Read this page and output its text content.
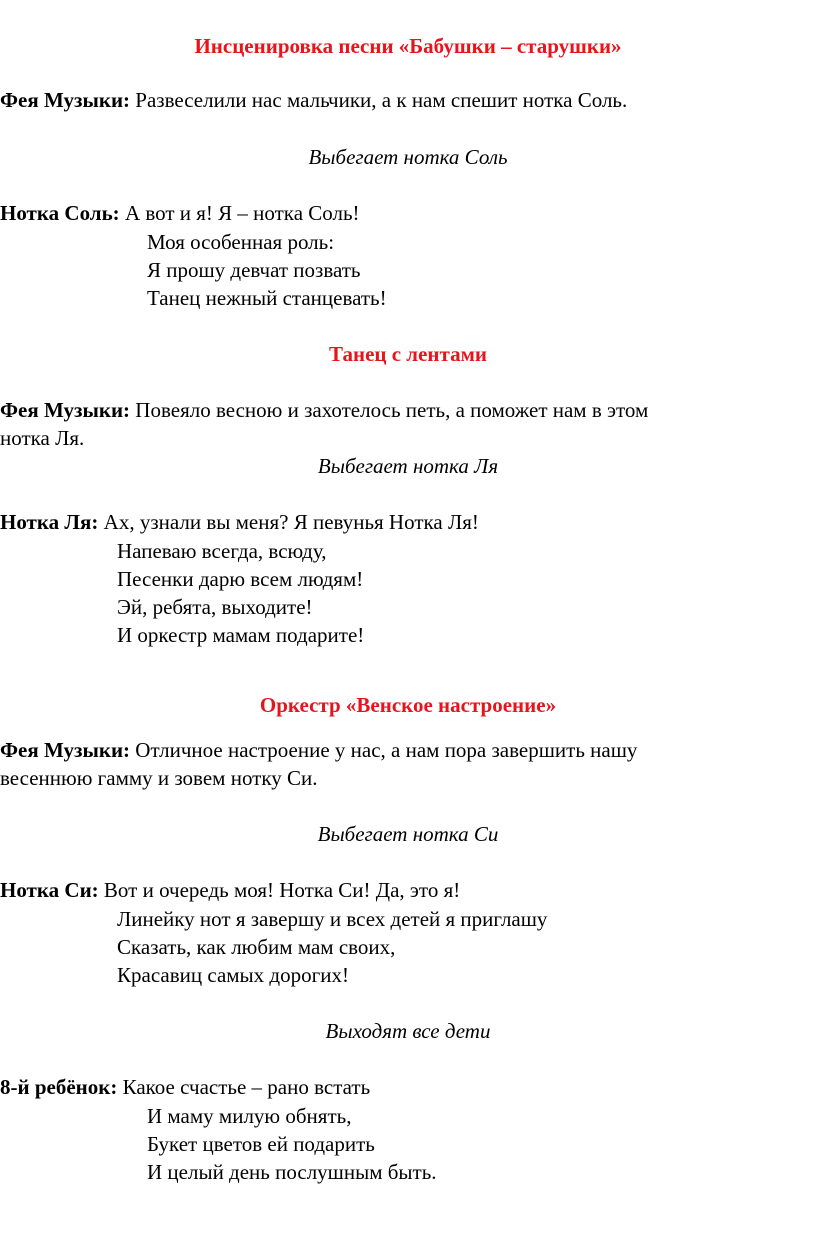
Инсценировка песни «Бабушки – старушки»
Фея Музыки: Развеселили нас мальчики, а к нам спешит нотка Соль.
Выбегает нотка Соль
Нотка Соль: А вот и я! Я – нотка Соль!
Моя особенная роль:
Я прошу девчат позвать
Танец нежный станцевать!
Танец с лентами
Фея Музыки: Повеяло весною и захотелось петь, а поможет нам в этом
нотка Ля.
Выбегает нотка Ля
Нотка Ля: Ах, узнали вы меня? Я певунья Нотка Ля!
Напеваю всегда, всюду,
Песенки дарю всем людям!
Эй, ребята, выходите!
И оркестр мамам подарите!
Оркестр «Венское настроение»
Фея Музыки: Отличное настроение у нас, а нам пора завершить нашу
весеннюю гамму и зовем нотку Си.
Выбегает нотка Си
Нотка Си: Вот и очередь моя! Нотка Си! Да, это я!
Линейку нот я завершу и всех детей я приглашу
Сказать, как любим мам своих,
Красавиц самых дорогих!
Выходят все дети
8-й ребёнок: Какое счастье – рано встать
И маму милую обнять,
Букет цветов ей подарить
И целый день послушным быть.
